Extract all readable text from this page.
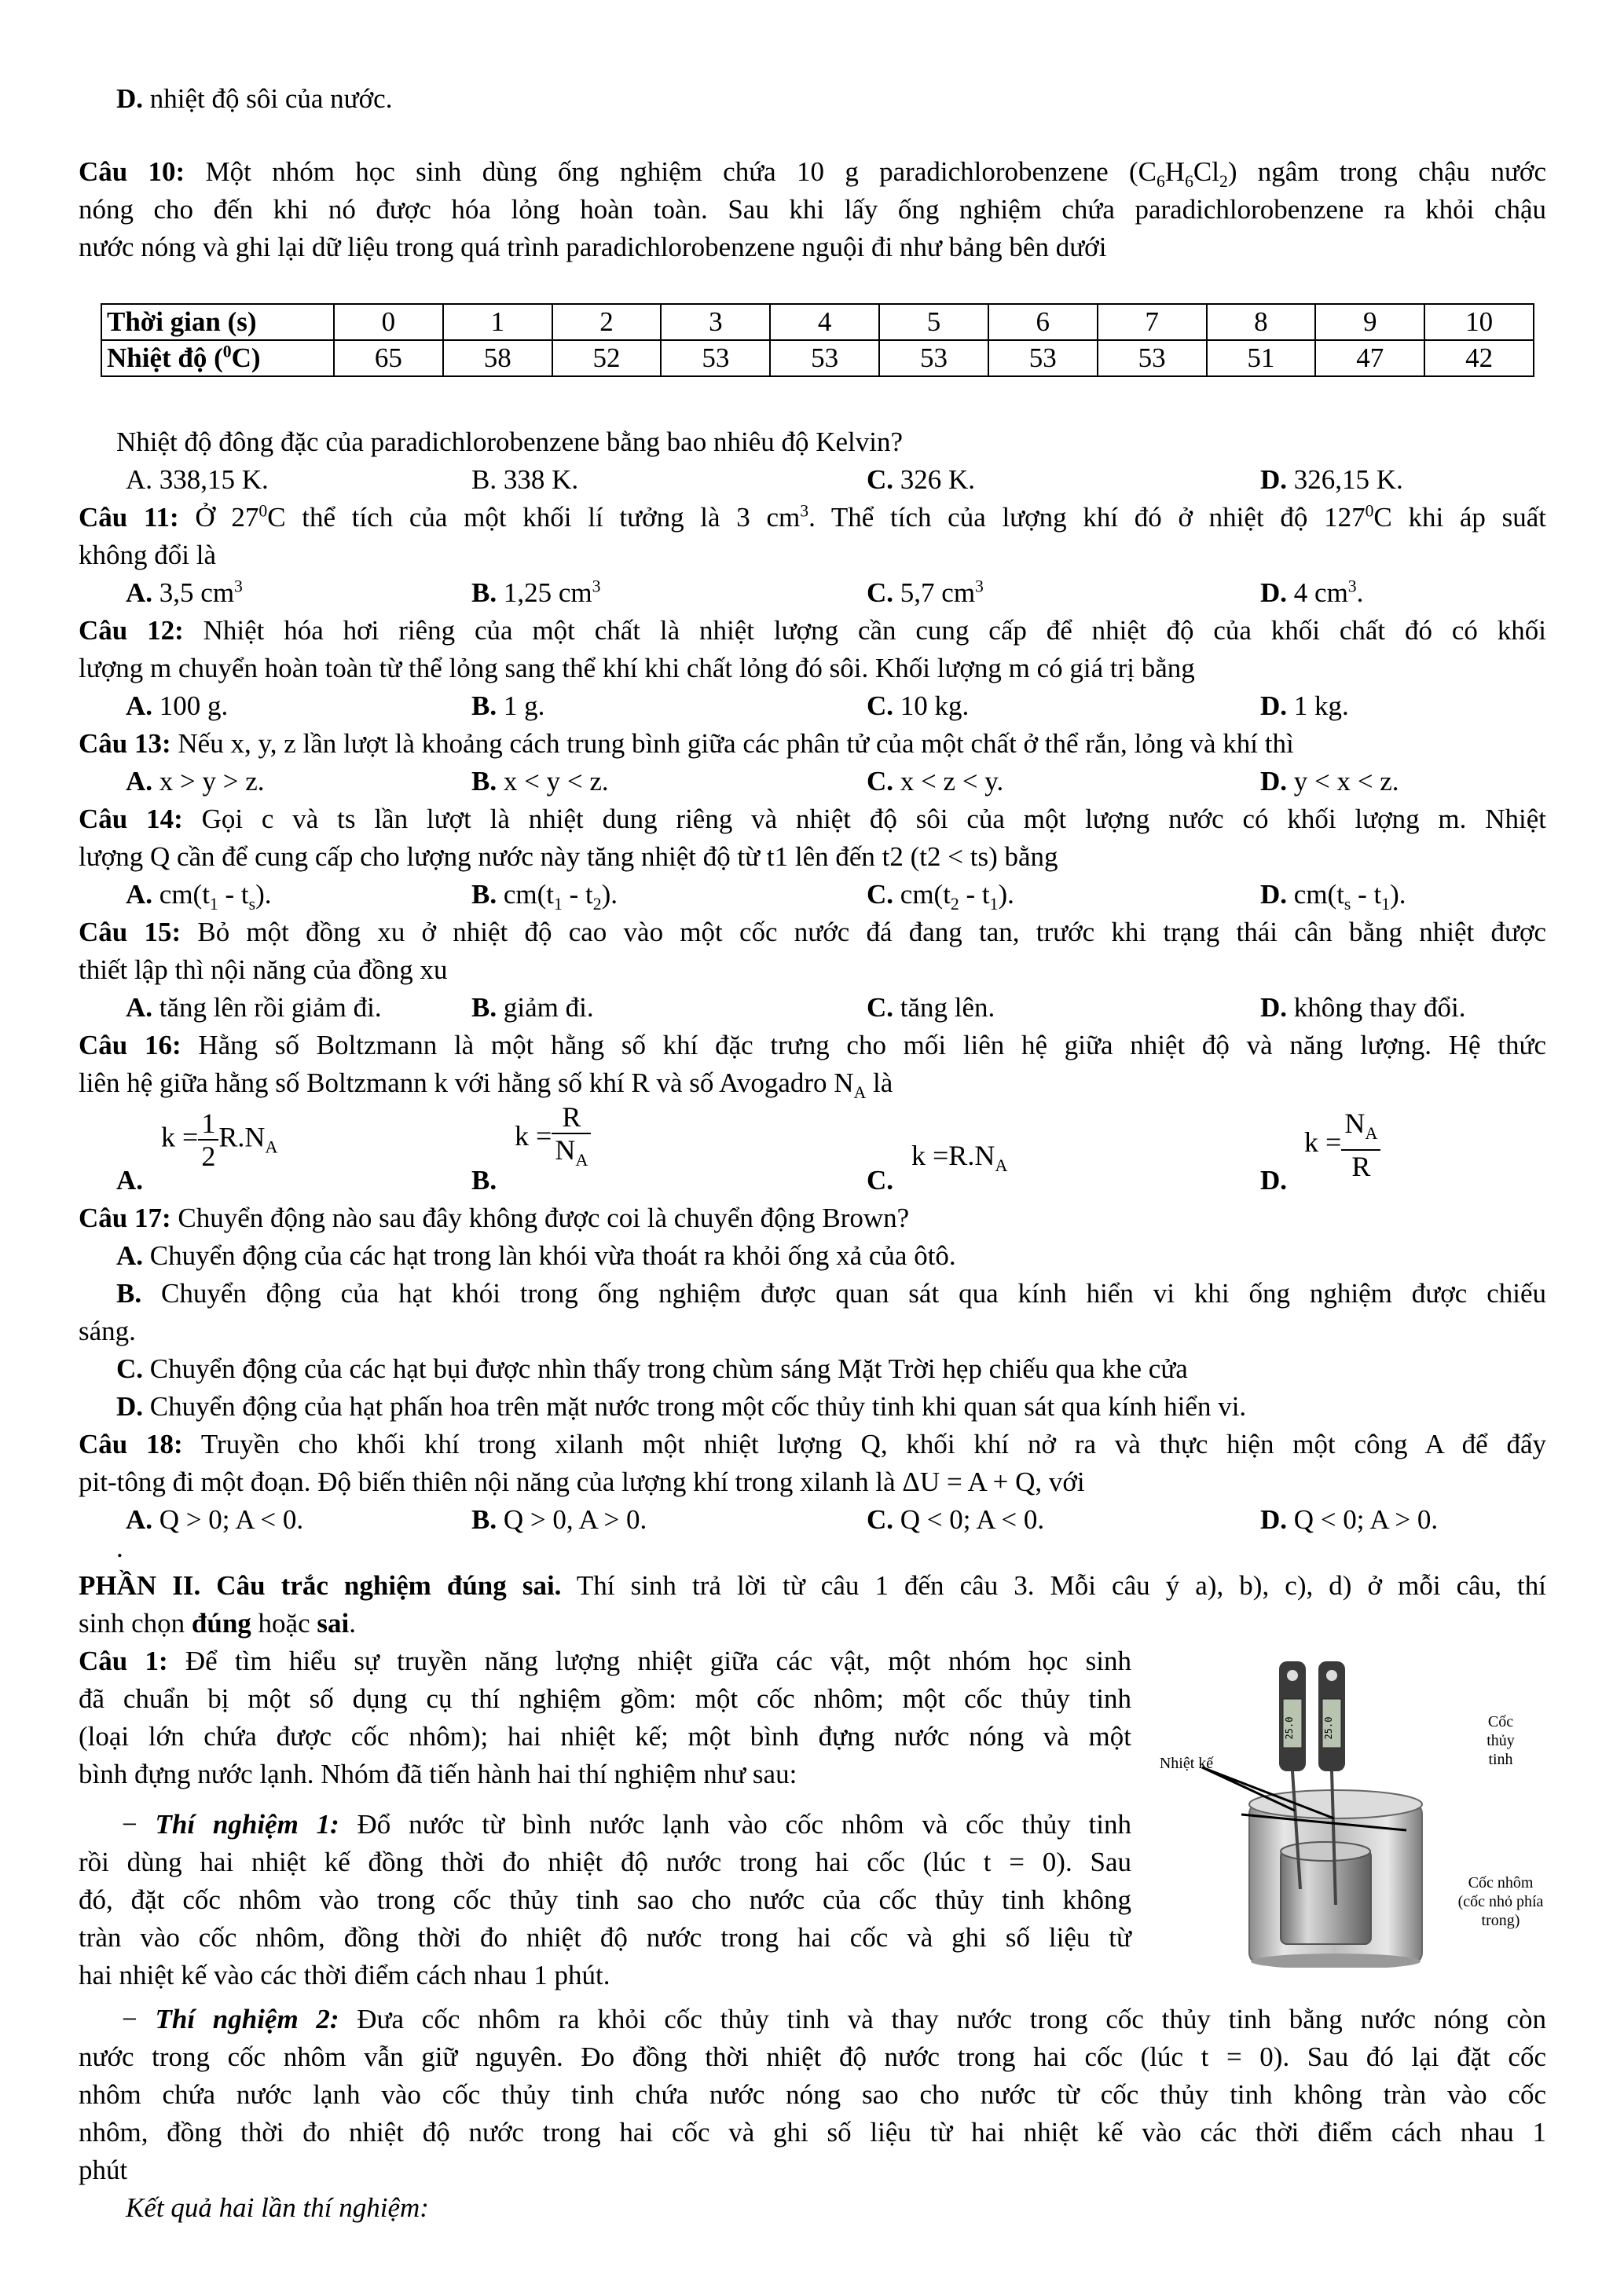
D. nhiệt độ sôi của nước.
Câu 10: Một nhóm học sinh dùng ống nghiệm chứa 10 g paradichlorobenzene $(C_6H_6Cl_2)$ ngâm trong chậu nước
nóng cho đến khi nó được hóa lỏng hoàn toàn. Sau khi lấy ống nghiệm chứa paradichlorobenzene ra khỏi chậu
nước nóng và ghi lại dữ liệu trong quá trình paradichlorobenzene nguội đi như bảng bên dưới
Thời gian (s)	0	1	2	3	4	5	6	7	8	9	10
Nhiệt độ ($^0$C)	65	58	52	53	53	53	53	53	51	47	42
Nhiệt độ đông đặc của paradichlorobenzene bằng bao nhiêu độ Kelvin?
A. 338,15 K.	B. 338 K.	C. 326 K.	D. 326,15 K.
Câu 11: Ở $27^0C$ thể tích của một khối lí tưởng là 3 $cm^3$. Thể tích của lượng khí đó ở nhiệt độ $127^0C$ khi áp suất
không đổi là
A. 3,5 $cm^3$	B. 1,25 $cm^3$	C. 5,7 $cm^3$	D. 4 $cm^3$.
Câu 12: Nhiệt hóa hơi riêng của một chất là nhiệt lượng cần cung cấp để nhiệt độ của khối chất đó có khối
lượng m chuyển hoàn toàn từ thể lỏng sang thể khí khi chất lỏng đó sôi. Khối lượng m có giá trị bằng
A. 100 g.	B. 1 g.	C. 10 kg.	D. 1 kg.
Câu 13: Nếu x, y, z lần lượt là khoảng cách trung bình giữa các phân tử của một chất ở thể rắn, lỏng và khí thì
A. x > y > z.	B. x < y < z.	C. x < z < y.	D. y < x < z.
Câu 14: Gọi c và ts lần lượt là nhiệt dung riêng và nhiệt độ sôi của một lượng nước có khối lượng m. Nhiệt
lượng Q cần để cung cấp cho lượng nước này tăng nhiệt độ từ t1 lên đến t2 (t2 < ts) bằng
A. $cm(t_1 - t_s)$.	B. $cm(t_1 - t_2)$.	C. $cm(t_2 - t_1)$.	D. $cm(t_s - t_1)$.
Câu 15: Bỏ một đồng xu ở nhiệt độ cao vào một cốc nước đá đang tan, trước khi trạng thái cân bằng nhiệt được
thiết lập thì nội năng của đồng xu
A. tăng lên rồi giảm đi.	B. giảm đi.	C. tăng lên.	D. không thay đổi.
Câu 16: Hằng số Boltzmann là một hằng số khí đặc trưng cho mối liên hệ giữa nhiệt độ và năng lượng. Hệ thức
liên hệ giữa hằng số Boltzmann k với hằng số khí R và số Avogadro $N_A$ là
A.
$k = \frac{1}{2} R.N_A$
B.
$k = \frac{R}{N_A}$
C.
$k =R.N_A$	D.
$k = \frac{N_A}{R}$
Câu 17: Chuyển động nào sau đây không được coi là chuyển động Brown?
A. Chuyển động của các hạt trong làn khói vừa thoát ra khỏi ống xả của ôtô.
B. Chuyển động của hạt khói trong ống nghiệm được quan sát qua kính hiển vi khi ống nghiệm được chiếu
sáng.
C. Chuyển động của các hạt bụi được nhìn thấy trong chùm sáng Mặt Trời hẹp chiếu qua khe cửa
D. Chuyển động của hạt phấn hoa trên mặt nước trong một cốc thủy tinh khi quan sát qua kính hiển vi.
Câu 18: Truyền cho khối khí trong xilanh một nhiệt lượng Q, khối khí nở ra và thực hiện một công A để đẩy
pit-tông đi một đoạn. Độ biến thiên nội năng của lượng khí trong xilanh là ΔU = A + Q, với
A. Q > 0; A < 0.	B. Q > 0, A > 0.	C. Q < 0; A < 0.	D. Q < 0; A > 0.
.
PHẦN II. Câu trắc nghiệm đúng sai. Thí sinh trả lời từ câu 1 đến câu 3. Mỗi câu ý a), b), c), d) ở mỗi câu, thí
sinh chọn đúng hoặc sai.
Câu 1: Để tìm hiểu sự truyền năng lượng nhiệt giữa các vật, một nhóm học sinh
đã chuẩn bị một số dụng cụ thí nghiệm gồm: một cốc nhôm; một cốc thủy tinh
(loại lớn chứa được cốc nhôm); hai nhiệt kế; một bình đựng nước nóng và một
bình đựng nước lạnh. Nhóm đã tiến hành hai thí nghiệm như sau:
− Thí nghiệm 1: Đổ nước từ bình nước lạnh vào cốc nhôm và cốc thủy tinh
rồi dùng hai nhiệt kế đồng thời đo nhiệt độ nước trong hai cốc (lúc t = 0). Sau
đó, đặt cốc nhôm vào trong cốc thủy tinh sao cho nước của cốc thủy tinh không
tràn vào cốc nhôm, đồng thời đo nhiệt độ nước trong hai cốc và ghi số liệu từ
hai nhiệt kế vào các thời điểm cách nhau 1 phút.
− Thí nghiệm 2: Đưa cốc nhôm ra khỏi cốc thủy tinh và thay nước trong cốc thủy tinh bằng nước nóng còn
nước trong cốc nhôm vẫn giữ nguyên. Đo đồng thời nhiệt độ nước trong hai cốc (lúc t = 0). Sau đó lại đặt cốc
nhôm chứa nước lạnh vào cốc thủy tinh chứa nước nóng sao cho nước từ cốc thủy tinh không tràn vào cốc
nhôm, đồng thời đo nhiệt độ nước trong hai cốc và ghi số liệu từ hai nhiệt kế vào các thời điểm cách nhau 1
phút
Kết quả hai lần thí nghiệm:
25.0	25.0
Nhiệt kế
Cốc
thủy
tinh
Cốc nhôm
(cốc nhỏ phía
trong)
